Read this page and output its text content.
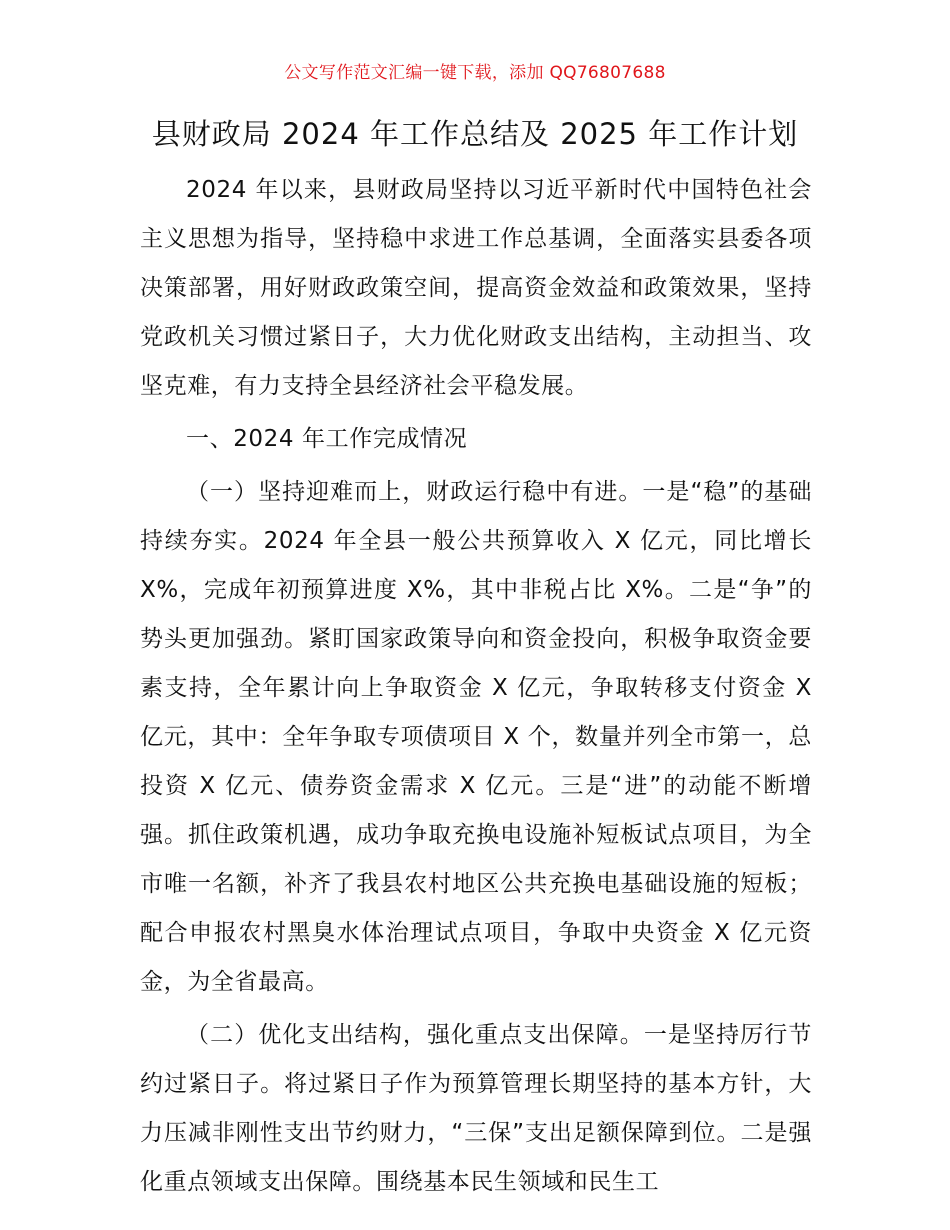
公文写作范文汇编一键下载，添加 QQ76807688
县财政局 2024 年工作总结及 2025 年工作计划

2024 年以来，县财政局坚持以习近平新时代中国特色社会主义思想为指导，坚持稳中求进工作总基调，全面落实县委各项决策部署，用好财政政策空间，提高资金效益和政策效果，坚持党政机关习惯过紧日子，大力优化财政支出结构，主动担当、攻坚克难，有力支持全县经济社会平稳发展。

一、2024 年工作完成情况

（一）坚持迎难而上，财政运行稳中有进。一是“稳”的基础持续夯实。2024 年全县一般公共预算收入 X 亿元，同比增长 X%，完成年初预算进度 X%，其中非税占比 X%。二是“争”的势头更加强劲。紧盯国家政策导向和资金投向，积极争取资金要素支持，全年累计向上争取资金 X 亿元，争取转移支付资金 X 亿元，其中：全年争取专项债项目 X 个，数量并列全市第一，总投资 X 亿元、债券资金需求 X 亿元。三是“进”的动能不断增强。抓住政策机遇，成功争取充换电设施补短板试点项目，为全市唯一名额，补齐了我县农村地区公共充换电基础设施的短板；配合申报农村黑臭水体治理试点项目，争取中央资金 X 亿元资金，为全省最高。

（二）优化支出结构，强化重点支出保障。一是坚持厉行节约过紧日子。将过紧日子作为预算管理长期坚持的基本方针，大力压减非刚性支出节约财力，“三保”支出足额保障到位。二是强化重点领域支出保障。围绕基本民生领域和民生工
